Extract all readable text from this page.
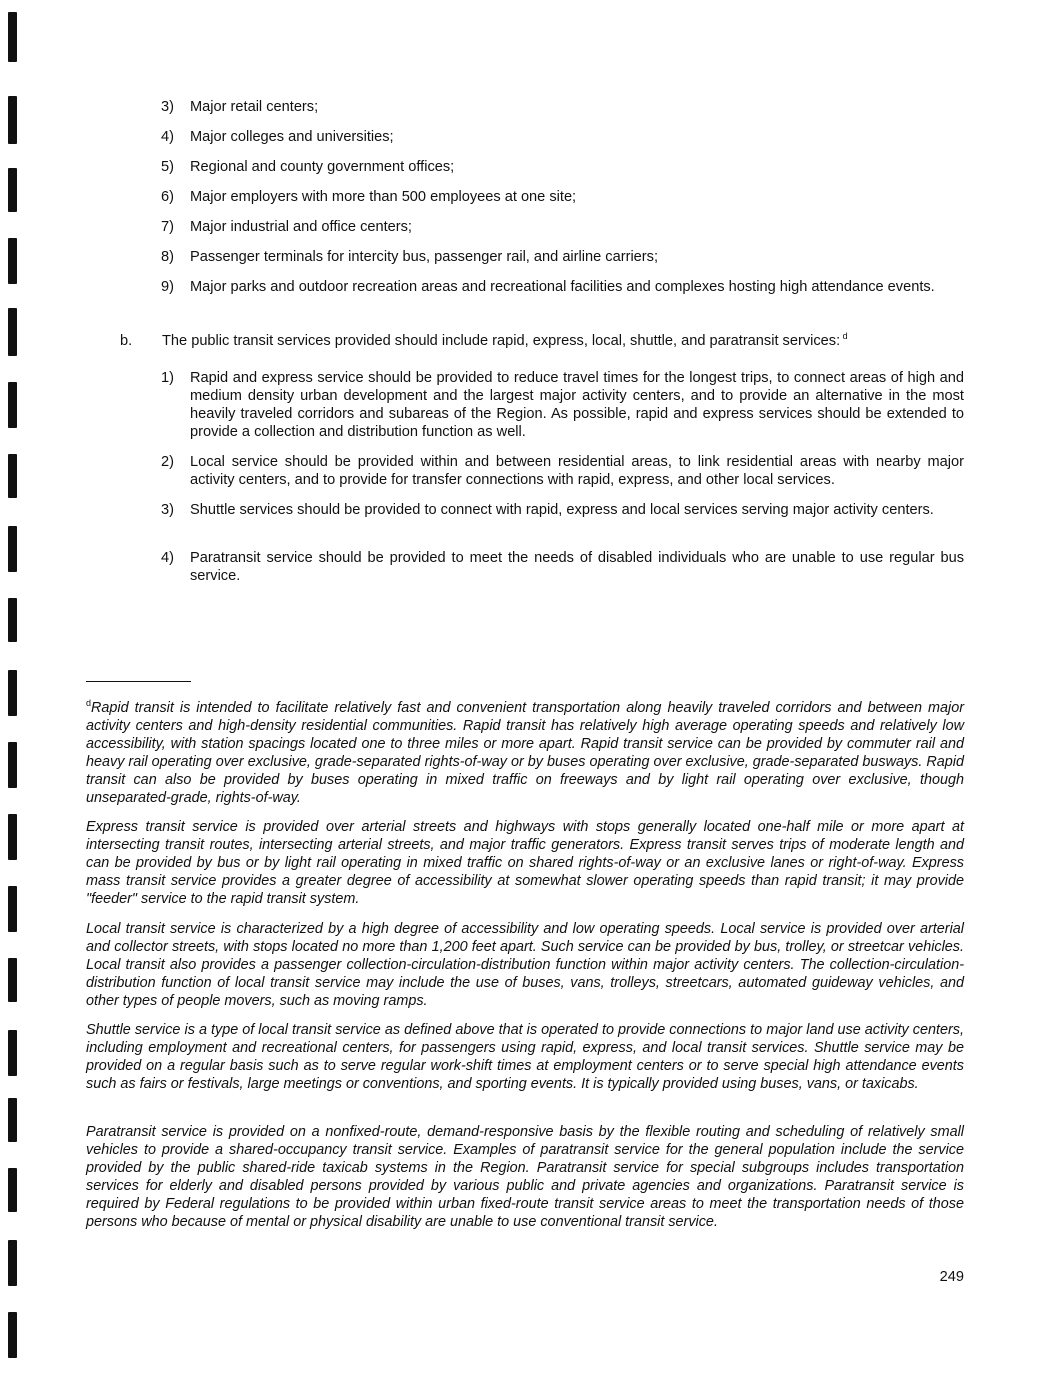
3) Major retail centers;
4) Major colleges and universities;
5) Regional and county government offices;
6) Major employers with more than 500 employees at one site;
7) Major industrial and office centers;
8) Passenger terminals for intercity bus, passenger rail, and airline carriers;
9) Major parks and outdoor recreation areas and recreational facilities and complexes hosting high attendance events.
b. The public transit services provided should include rapid, express, local, shuttle, and paratransit services: $^d$
1) Rapid and express service should be provided to reduce travel times for the longest trips, to connect areas of high and medium density urban development and the largest major activity centers, and to provide an alternative in the most heavily traveled corridors and subareas of the Region. As possible, rapid and express services should be extended to provide a collection and distribution function as well.
2) Local service should be provided within and between residential areas, to link residential areas with nearby major activity centers, and to provide for transfer connections with rapid, express, and other local services.
3) Shuttle services should be provided to connect with rapid, express and local services serving major activity centers.
4) Paratransit service should be provided to meet the needs of disabled individuals who are unable to use regular bus service.
$^d$Rapid transit is intended to facilitate relatively fast and convenient transportation along heavily traveled corridors and between major activity centers and high-density residential communities. Rapid transit has relatively high average operating speeds and relatively low accessibility, with station spacings located one to three miles or more apart. Rapid transit service can be provided by commuter rail and heavy rail operating over exclusive, grade-separated rights-of-way or by buses operating over exclusive, grade-separated busways. Rapid transit can also be provided by buses operating in mixed traffic on freeways and by light rail operating over exclusive, though unseparated-grade, rights-of-way.
Express transit service is provided over arterial streets and highways with stops generally located one-half mile or more apart at intersecting transit routes, intersecting arterial streets, and major traffic generators. Express transit serves trips of moderate length and can be provided by bus or by light rail operating in mixed traffic on shared rights-of-way or an exclusive lanes or right-of-way. Express mass transit service provides a greater degree of accessibility at somewhat slower operating speeds than rapid transit; it may provide "feeder" service to the rapid transit system.
Local transit service is characterized by a high degree of accessibility and low operating speeds. Local service is provided over arterial and collector streets, with stops located no more than 1,200 feet apart. Such service can be provided by bus, trolley, or streetcar vehicles. Local transit also provides a passenger collection-circulation-distribution function within major activity centers. The collection-circulation-distribution function of local transit service may include the use of buses, vans, trolleys, streetcars, automated guideway vehicles, and other types of people movers, such as moving ramps.
Shuttle service is a type of local transit service as defined above that is operated to provide connections to major land use activity centers, including employment and recreational centers, for passengers using rapid, express, and local transit services. Shuttle service may be provided on a regular basis such as to serve regular work-shift times at employment centers or to serve special high attendance events such as fairs or festivals, large meetings or conventions, and sporting events. It is typically provided using buses, vans, or taxicabs.
Paratransit service is provided on a nonfixed-route, demand-responsive basis by the flexible routing and scheduling of relatively small vehicles to provide a shared-occupancy transit service. Examples of paratransit service for the general population include the service provided by the public shared-ride taxicab systems in the Region. Paratransit service for special subgroups includes transportation services for elderly and disabled persons provided by various public and private agencies and organizations. Paratransit service is required by Federal regulations to be provided within urban fixed-route transit service areas to meet the transportation needs of those persons who because of mental or physical disability are unable to use conventional transit service.
249
